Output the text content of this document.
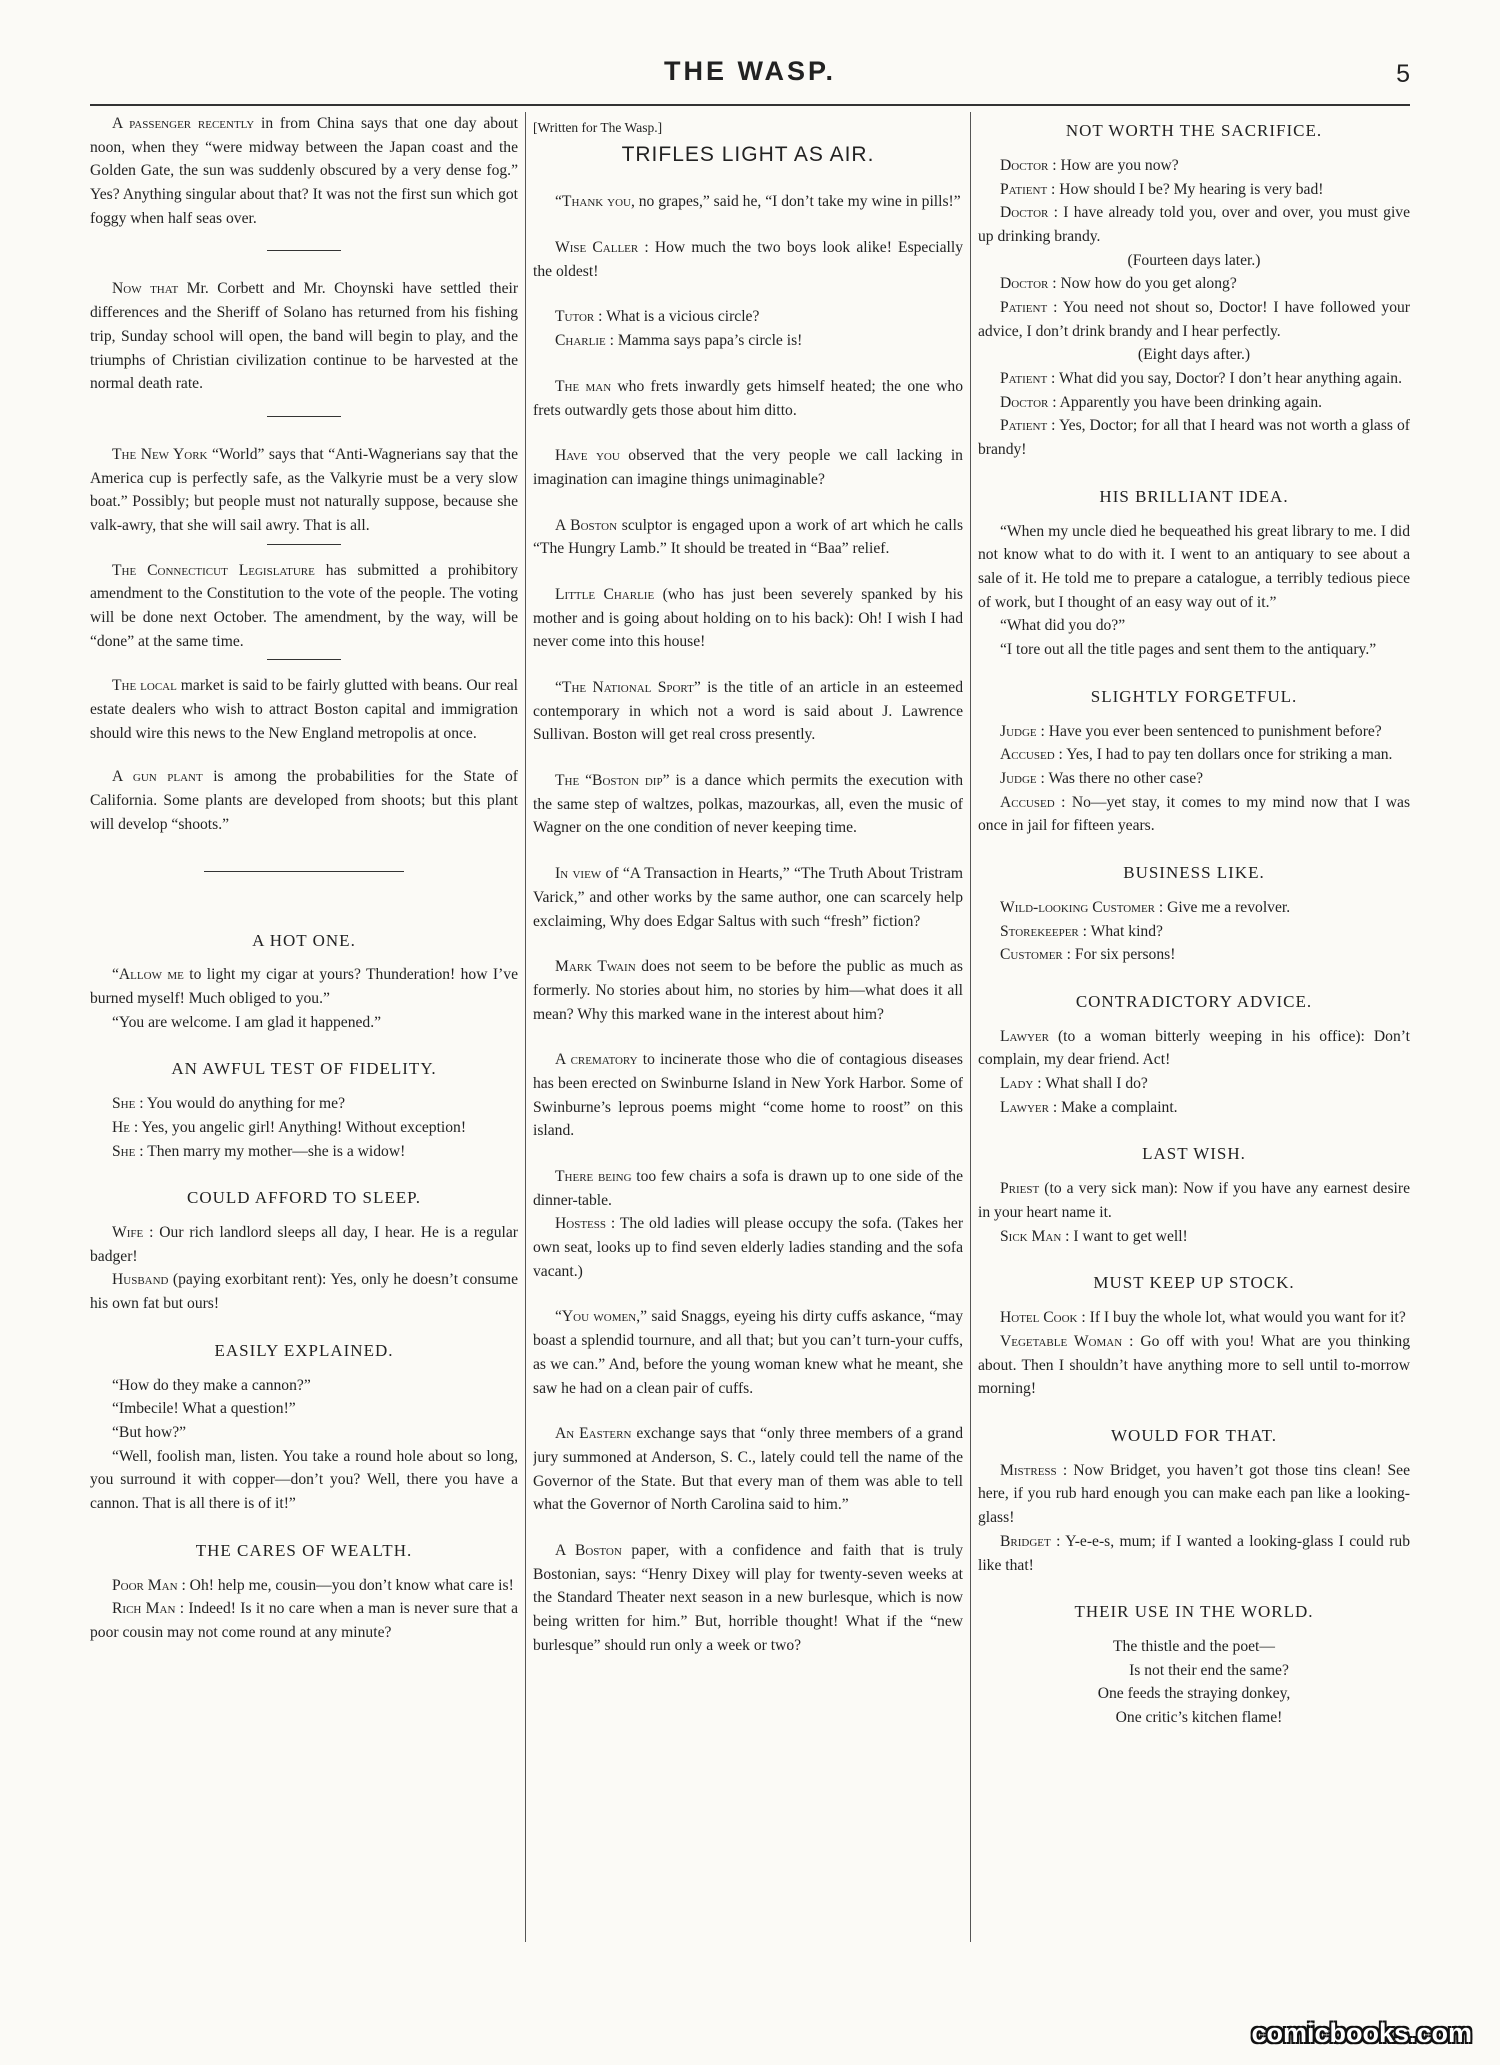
THE WASP.	5

A passenger recently in from China says that one day about noon, when they “were midway between the Japan coast and the Golden Gate, the sun was suddenly obscured by a very dense fog.” Yes? Anything singular about that? It was not the first sun which got foggy when half seas over.

Now that Mr. Corbett and Mr. Choynski have settled their differences and the Sheriff of Solano has returned from his fishing trip, Sunday school will open, the band will begin to play, and the triumphs of Christian civilization continue to be harvested at the normal death rate.

The New York “World” says that “Anti-Wagnerians say that the America cup is perfectly safe, as the Valkyrie must be a very slow boat.” Possibly; but people must not naturally suppose, because she valk-awry, that she will sail awry. That is all.

The Connecticut Legislature has submitted a prohibitory amendment to the Constitution to the vote of the people. The voting will be done next October. The amendment, by the way, will be “done” at the same time.

The local market is said to be fairly glutted with beans. Our real estate dealers who wish to attract Boston capital and immigration should wire this news to the New England metropolis at once.

A gun plant is among the probabilities for the State of California. Some plants are developed from shoots; but this plant will develop “shoots.”

A HOT ONE.

“Allow me to light my cigar at yours? Thunderation! how I’ve burned myself! Much obliged to you.”

“You are welcome. I am glad it happened.”

AN AWFUL TEST OF FIDELITY.

She : You would do anything for me?

He : Yes, you angelic girl! Anything! Without exception!

She : Then marry my mother—she is a widow!

COULD AFFORD TO SLEEP.

Wife : Our rich landlord sleeps all day, I hear. He is a regular badger!

Husband (paying exorbitant rent): Yes, only he doesn’t consume his own fat but ours!

EASILY EXPLAINED.

“How do they make a cannon?”

“Imbecile! What a question!”

“But how?”

“Well, foolish man, listen. You take a round hole about so long, you surround it with copper—don’t you? Well, there you have a cannon. That is all there is of it!”

THE CARES OF WEALTH.

Poor Man : Oh! help me, cousin—you don’t know what care is!

Rich Man : Indeed! Is it no care when a man is never sure that a poor cousin may not come round at any minute?

[Written for The Wasp.]
TRIFLES LIGHT AS AIR.

“Thank you, no grapes,” said he, “I don’t take my wine in pills!”

Wise Caller : How much the two boys look alike! Especially the oldest!

Tutor : What is a vicious circle?

Charlie : Mamma says papa’s circle is!

The man who frets inwardly gets himself heated; the one who frets outwardly gets those about him ditto.

Have you observed that the very people we call lacking in imagination can imagine things unimaginable?

A Boston sculptor is engaged upon a work of art which he calls “The Hungry Lamb.” It should be treated in “Baa” relief.

Little Charlie (who has just been severely spanked by his mother and is going about holding on to his back): Oh! I wish I had never come into this house!

“The National Sport” is the title of an article in an esteemed contemporary in which not a word is said about J. Lawrence Sullivan. Boston will get real cross presently.

The “Boston dip” is a dance which permits the execution with the same step of waltzes, polkas, mazourkas, all, even the music of Wagner on the one condition of never keeping time.

In view of “A Transaction in Hearts,” “The Truth About Tristram Varick,” and other works by the same author, one can scarcely help exclaiming, Why does Edgar Saltus with such “fresh” fiction?

Mark Twain does not seem to be before the public as much as formerly. No stories about him, no stories by him—what does it all mean? Why this marked wane in the interest about him?

A crematory to incinerate those who die of contagious diseases has been erected on Swinburne Island in New York Harbor. Some of Swinburne’s leprous poems might “come home to roost” on this island.

There being too few chairs a sofa is drawn up to one side of the dinner-table.

Hostess : The old ladies will please occupy the sofa. (Takes her own seat, looks up to find seven elderly ladies standing and the sofa vacant.)

“You women,” said Snaggs, eyeing his dirty cuffs askance, “may boast a splendid tournure, and all that; but you can’t turn-your cuffs, as we can.” And, before the young woman knew what he meant, she saw he had on a clean pair of cuffs.

An Eastern exchange says that “only three members of a grand jury summoned at Anderson, S. C., lately could tell the name of the Governor of the State. But that every man of them was able to tell what the Governor of North Carolina said to him.”

A Boston paper, with a confidence and faith that is truly Bostonian, says: “Henry Dixey will play for twenty-seven weeks at the Standard Theater next season in a new burlesque, which is now being written for him.” But, horrible thought! What if the “new burlesque” should run only a week or two?

NOT WORTH THE SACRIFICE.

Doctor : How are you now?

Patient : How should I be? My hearing is very bad!

Doctor : I have already told you, over and over, you must give up drinking brandy.

(Fourteen days later.)

Doctor : Now how do you get along?

Patient : You need not shout so, Doctor! I have followed your advice, I don’t drink brandy and I hear perfectly.

(Eight days after.)

Patient : What did you say, Doctor? I don’t hear anything again.

Doctor : Apparently you have been drinking again.

Patient : Yes, Doctor; for all that I heard was not worth a glass of brandy!

HIS BRILLIANT IDEA.

“When my uncle died he bequeathed his great library to me. I did not know what to do with it. I went to an antiquary to see about a sale of it. He told me to prepare a catalogue, a terribly tedious piece of work, but I thought of an easy way out of it.”

“What did you do?”

“I tore out all the title pages and sent them to the antiquary.”

SLIGHTLY FORGETFUL.

Judge : Have you ever been sentenced to punishment before?

Accused : Yes, I had to pay ten dollars once for striking a man.

Judge : Was there no other case?

Accused : No—yet stay, it comes to my mind now that I was once in jail for fifteen years.

BUSINESS LIKE.

Wild-looking Customer : Give me a revolver.

Storekeeper : What kind?

Customer : For six persons!

CONTRADICTORY ADVICE.

Lawyer (to a woman bitterly weeping in his office): Don’t complain, my dear friend. Act!

Lady : What shall I do?

Lawyer : Make a complaint.

LAST WISH.

Priest (to a very sick man): Now if you have any earnest desire in your heart name it.

Sick Man : I want to get well!

MUST KEEP UP STOCK.

Hotel Cook : If I buy the whole lot, what would you want for it?

Vegetable Woman : Go off with you! What are you thinking about. Then I shouldn’t have anything more to sell until to-morrow morning!

WOULD FOR THAT.

Mistress : Now Bridget, you haven’t got those tins clean! See here, if you rub hard enough you can make each pan like a looking-glass!

Bridget : Y-e-e-s, mum; if I wanted a looking-glass I could rub like that!

THEIR USE IN THE WORLD.
The thistle and the poet—
Is not their end the same?
One feeds the straying donkey,
One critic’s kitchen flame!
comicbooks.com
